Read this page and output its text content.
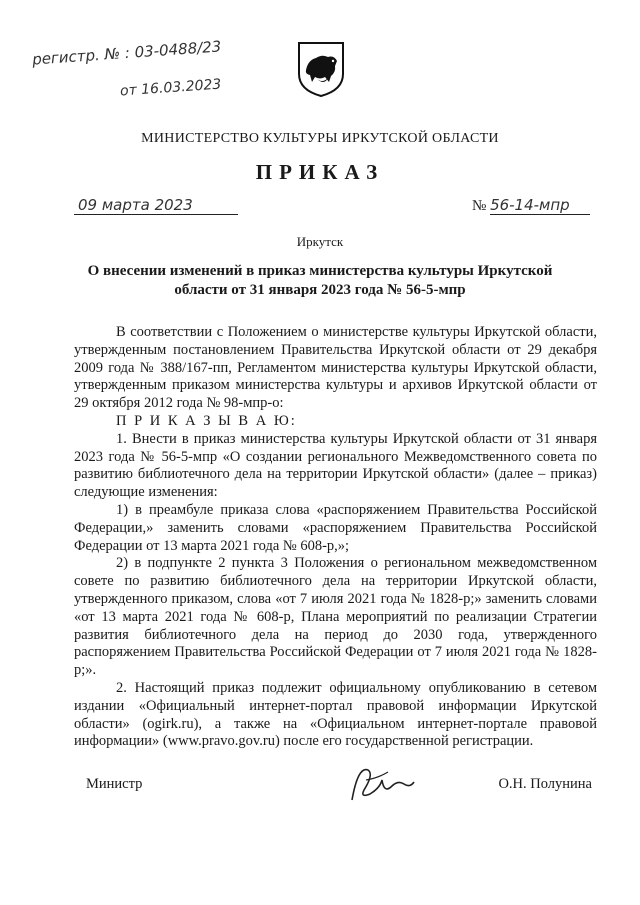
регистр. № : 03-0488/23
от 16.03.2023
МИНИСТЕРСТВО КУЛЬТУРЫ ИРКУТСКОЙ ОБЛАСТИ
ПРИКАЗ
09 марта 2023	№ 56-14-мпр
Иркутск
О внесении изменений в приказ министерства культуры Иркутской области от 31 января 2023 года № 56-5-мпр

В соответствии с Положением о министерстве культуры Иркутской области, утвержденным постановлением Правительства Иркутской области от 29 декабря 2009 года № 388/167-пп, Регламентом министерства культуры Иркутской области, утвержденным приказом министерства культуры и архивов Иркутской области от 29 октября 2012 года № 98-мпр-о:

П Р И К А З Ы В А Ю:

1. Внести в приказ министерства культуры Иркутской области от 31 января 2023 года № 56-5-мпр «О создании регионального Межведомственного совета по развитию библиотечного дела на территории Иркутской области» (далее – приказ) следующие изменения:

1) в преамбуле приказа слова «распоряжением Правительства Российской Федерации,» заменить словами «распоряжением Правительства Российской Федерации от 13 марта 2021 года № 608-р,»;

2) в подпункте 2 пункта 3 Положения о региональном межведомственном совете по развитию библиотечного дела на территории Иркутской области, утвержденного приказом, слова «от 7 июля 2021 года № 1828-р;» заменить словами «от 13 марта 2021 года № 608-р, Плана мероприятий по реализации Стратегии развития библиотечного дела на период до 2030 года, утвержденного распоряжением Правительства Российской Федерации от 7 июля 2021 года № 1828-р;».

2. Настоящий приказ подлежит официальному опубликованию в сетевом издании «Официальный интернет-портал правовой информации Иркутской области» (ogirk.ru), а также на «Официальном интернет-портале правовой информации» (www.pravo.gov.ru) после его государственной регистрации.

Министр	О.Н. Полунина
